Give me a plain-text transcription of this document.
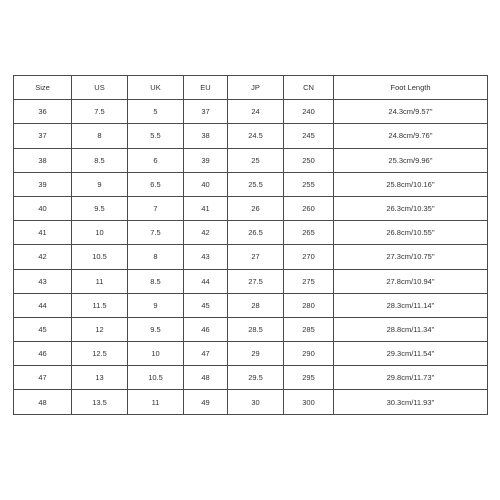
Size	US	UK	EU	JP	CN	Foot Length
36	7.5	5	37	24	240	24.3cm/9.57''
37	8	5.5	38	24.5	245	24.8cm/9.76''
38	8.5	6	39	25	250	25.3cm/9.96''
39	9	6.5	40	25.5	255	25.8cm/10.16''
40	9.5	7	41	26	260	26.3cm/10.35''
41	10	7.5	42	26.5	265	26.8cm/10.55''
42	10.5	8	43	27	270	27.3cm/10.75''
43	11	8.5	44	27.5	275	27.8cm/10.94''
44	11.5	9	45	28	280	28.3cm/11.14''
45	12	9.5	46	28.5	285	28.8cm/11.34''
46	12.5	10	47	29	290	29.3cm/11.54''
47	13	10.5	48	29.5	295	29.8cm/11.73''
48	13.5	11	49	30	300	30.3cm/11.93''
